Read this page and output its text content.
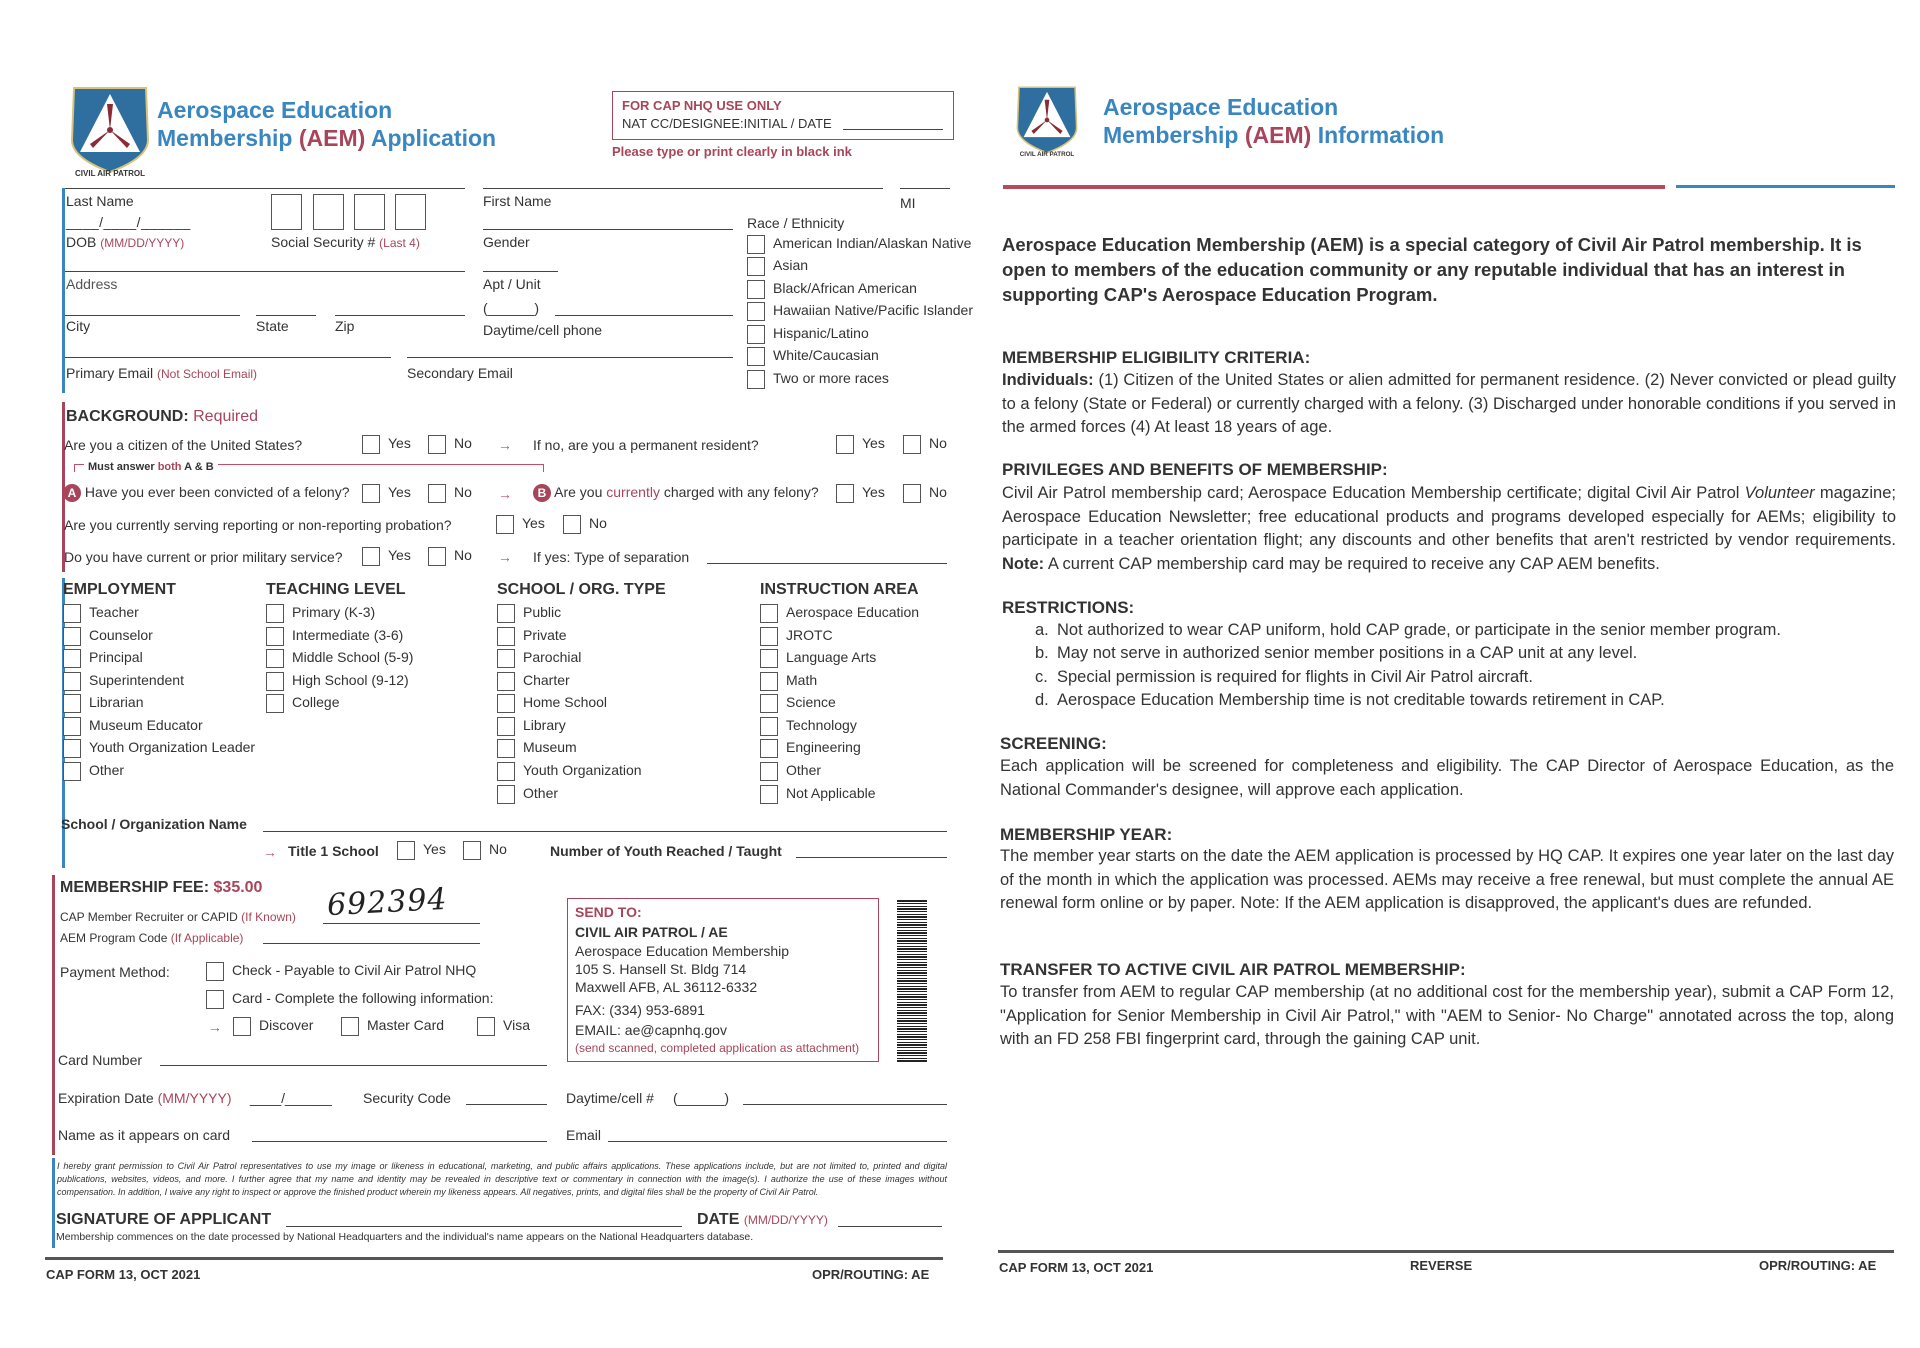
CIVIL AIR PATROL
Aerospace Education
Membership (AEM) Application
FOR CAP NHQ USE ONLY
NAT CC/DESIGNEE:INITIAL / DATE
Please type or print clearly in black ink
Last Name	First Name	MI
____/____/______
DOB (MM/DD/YYYY)	Social Security # (Last 4)	Gender
Address	Apt / Unit
City	State	Zip
(______)
Daytime/cell phone
Primary Email (Not School Email)	Secondary Email
Race / Ethnicity
American Indian/Alaskan Native
Asian
Black/African American
Hawaiian Native/Pacific Islander
Hispanic/Latino
White/Caucasian
Two or more races
BACKGROUND: Required
Are you a citizen of the United States?	Yes	No → If no, are you a permanent resident?	Yes	No
Must answer both A & B
A Have you ever been convicted of a felony?	Yes	No →	B Are you currently charged with any felony?	Yes	No
Are you currently serving reporting or non-reporting probation?	Yes	No
Do you have current or prior military service?	Yes	No → If yes: Type of separation
EMPLOYMENT
Teacher
Counselor
Principal
Superintendent
Librarian
Museum Educator
Youth Organization Leader
Other
TEACHING LEVEL
Primary (K-3)
Intermediate (3-6)
Middle School (5-9)
High School (9-12)
College
SCHOOL / ORG. TYPE
Public
Private
Parochial
Charter
Home School
Library
Museum
Youth Organization
Other
INSTRUCTION AREA
Aerospace Education
JROTC
Language Arts
Math
Science
Technology
Engineering
Other
Not Applicable
School / Organization Name
→ Title 1 School	Yes	No	Number of Youth Reached / Taught
MEMBERSHIP FEE: $35.00
CAP Member Recruiter or CAPID (If Known) 692394
AEM Program Code (If Applicable)
Payment Method:	Check - Payable to Civil Air Patrol NHQ
Card - Complete the following information:
→	Discover	Master Card	Visa
Card Number
SEND TO:
CIVIL AIR PATROL / AE
Aerospace Education Membership
105 S. Hansell St. Bldg 714
Maxwell AFB, AL 36112-6332
FAX: (334) 953-6891
EMAIL: ae@capnhq.gov
(send scanned, completed application as attachment)
Expiration Date (MM/YYYY) ____/______ Security Code	Daytime/cell # (______)
Name as it appears on card	Email
I hereby grant permission to Civil Air Patrol representatives to use my image or likeness in educational, marketing, and public affairs applications. These applications include, but are not limited to, printed and digital publications, websites, videos, and more. I further agree that my name and identity may be revealed in descriptive text or commentary in connection with the image(s). I authorize the use of these images without compensation. In addition, I waive any right to inspect or approve the finished product wherein my likeness appears. All negatives, prints, and digital files shall be the property of Civil Air Patrol.
SIGNATURE OF APPLICANT	DATE (MM/DD/YYYY)
Membership commences on the date processed by National Headquarters and the individual's name appears on the National Headquarters database.
CAP FORM 13, OCT 2021	OPR/ROUTING: AE
CIVIL AIR PATROL
Aerospace Education
Membership (AEM) Information
Aerospace Education Membership (AEM) is a special category of Civil Air Patrol membership. It is open to members of the education community or any reputable individual that has an interest in supporting CAP's Aerospace Education Program.
MEMBERSHIP ELIGIBILITY CRITERIA:
Individuals: (1) Citizen of the United States or alien admitted for permanent residence. (2) Never convicted or plead guilty to a felony (State or Federal) or currently charged with a felony. (3) Discharged under honorable conditions if you served in the armed forces (4) At least 18 years of age.
PRIVILEGES AND BENEFITS OF MEMBERSHIP:
Civil Air Patrol membership card; Aerospace Education Membership certificate; digital Civil Air Patrol Volunteer magazine; Aerospace Education Newsletter; free educational products and programs developed especially for AEMs; eligibility to participate in a teacher orientation flight; any discounts and other benefits that aren't restricted by vendor requirements. Note: A current CAP membership card may be required to receive any CAP AEM benefits.
RESTRICTIONS:
a. Not authorized to wear CAP uniform, hold CAP grade, or participate in the senior member program.
b. May not serve in authorized senior member positions in a CAP unit at any level.
c. Special permission is required for flights in Civil Air Patrol aircraft.
d. Aerospace Education Membership time is not creditable towards retirement in CAP.
SCREENING:
Each application will be screened for completeness and eligibility. The CAP Director of Aerospace Education, as the National Commander's designee, will approve each application.
MEMBERSHIP YEAR:
The member year starts on the date the AEM application is processed by HQ CAP. It expires one year later on the last day of the month in which the application was processed. AEMs may receive a free renewal, but must complete the annual AE renewal form online or by paper. Note: If the AEM application is disapproved, the applicant's dues are refunded.
TRANSFER TO ACTIVE CIVIL AIR PATROL MEMBERSHIP:
To transfer from AEM to regular CAP membership (at no additional cost for the membership year), submit a CAP Form 12, "Application for Senior Membership in Civil Air Patrol," with "AEM to Senior- No Charge" annotated across the top, along with an FD 258 FBI fingerprint card, through the gaining CAP unit.
CAP FORM 13, OCT 2021	REVERSE	OPR/ROUTING: AE
